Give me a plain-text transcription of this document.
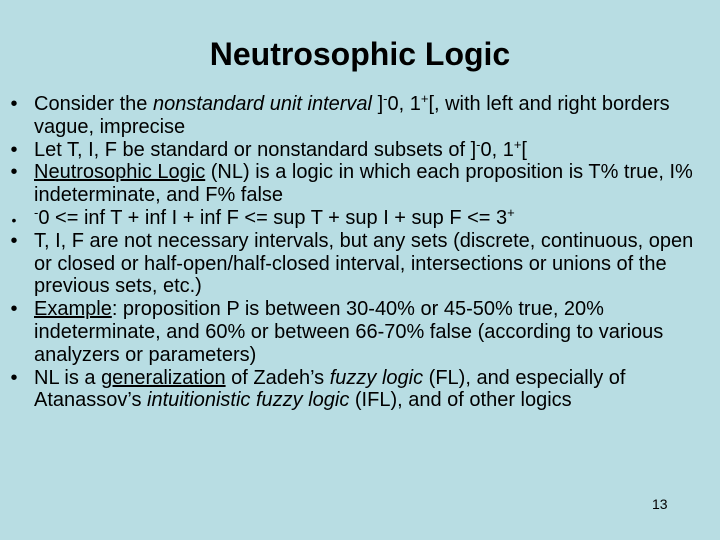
Neutrosophic Logic
• Consider the nonstandard unit interval ]-0, 1+[, with left and right borders vague, imprecise
• Let T, I, F be standard or nonstandard subsets of ]-0, 1+[
• Neutrosophic Logic (NL) is a logic in which each proposition is T% true, I% indeterminate, and F% false
•	-0 <= inf T + inf I + inf F <= sup T + sup I + sup F <= 3+
• T, I, F are not necessary intervals, but any sets (discrete, continuous, open or closed or half-open/half-closed interval, intersections or unions of the previous sets, etc.)
• Example: proposition P is between 30-40% or 45-50% true, 20% indeterminate, and 60% or between 66-70% false (according to various analyzers or parameters)
• NL is a generalization of Zadeh’s fuzzy logic (FL), and especially of Atanassov’s intuitionistic fuzzy logic (IFL), and of other logics
13
